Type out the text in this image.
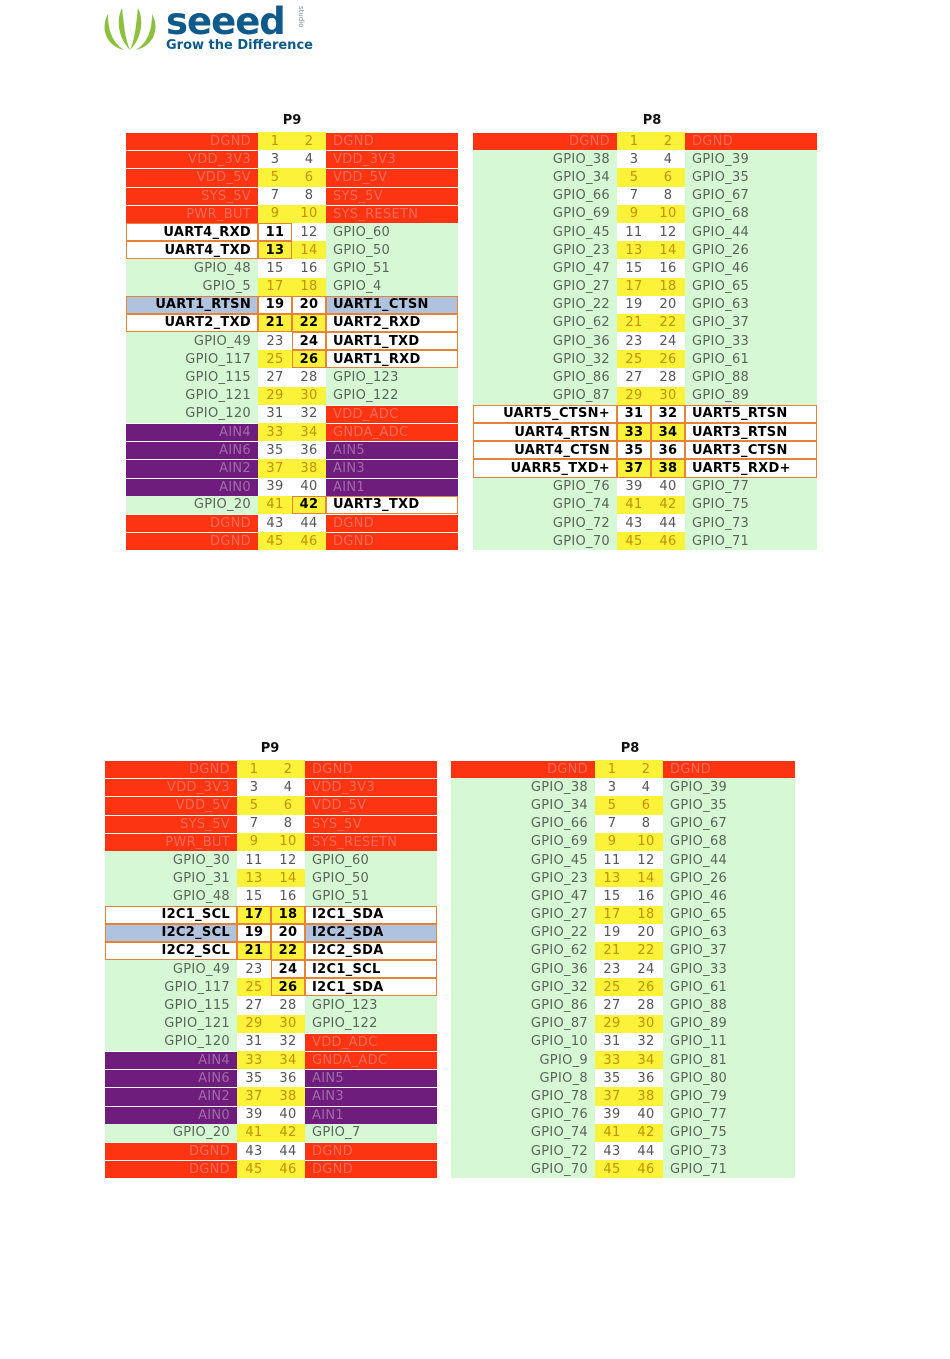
seeed studio
Grow the Difference
P9	P8
DGND	1	2	DGND
VDD_3V3	3	4	VDD_3V3
VDD_5V	5	6	VDD_5V
SYS_5V	7	8	SYS_5V
PWR_BUT	9	10	SYS_RESETN
UART4_RXD	11	12	GPIO_60
UART4_TXD	13	14	GPIO_50
GPIO_48	15	16	GPIO_51
GPIO_5	17	18	GPIO_4
UART1_RTSN	19	20	UART1_CTSN
UART2_TXD	21	22	UART2_RXD
GPIO_49	23	24	UART1_TXD
GPIO_117	25	26	UART1_RXD
GPIO_115	27	28	GPIO_123
GPIO_121	29	30	GPIO_122
GPIO_120	31	32	VDD_ADC
AIN4	33	34	GNDA_ADC
AIN6	35	36	AIN5
AIN2	37	38	AIN3
AIN0	39	40	AIN1
GPIO_20	41	42	UART3_TXD
DGND	43	44	DGND
DGND	45	46	DGND
DGND	1	2	DGND
GPIO_38	3	4	GPIO_39
GPIO_34	5	6	GPIO_35
GPIO_66	7	8	GPIO_67
GPIO_69	9	10	GPIO_68
GPIO_45	11	12	GPIO_44
GPIO_23	13	14	GPIO_26
GPIO_47	15	16	GPIO_46
GPIO_27	17	18	GPIO_65
GPIO_22	19	20	GPIO_63
GPIO_62	21	22	GPIO_37
GPIO_36	23	24	GPIO_33
GPIO_32	25	26	GPIO_61
GPIO_86	27	28	GPIO_88
GPIO_87	29	30	GPIO_89
UART5_CTSN+	31	32	UART5_RTSN
UART4_RTSN	33	34	UART3_RTSN
UART4_CTSN	35	36	UART3_CTSN
UARR5_TXD+	37	38	UART5_RXD+
GPIO_76	39	40	GPIO_77
GPIO_74	41	42	GPIO_75
GPIO_72	43	44	GPIO_73
GPIO_70	45	46	GPIO_71
P9	P8
DGND	1	2	DGND
VDD_3V3	3	4	VDD_3V3
VDD_5V	5	6	VDD_5V
SYS_5V	7	8	SYS_5V
PWR_BUT	9	10	SYS_RESETN
GPIO_30	11	12	GPIO_60
GPIO_31	13	14	GPIO_50
GPIO_48	15	16	GPIO_51
I2C1_SCL	17	18	I2C1_SDA
I2C2_SCL	19	20	I2C2_SDA
I2C2_SCL	21	22	I2C2_SDA
GPIO_49	23	24	I2C1_SCL
GPIO_117	25	26	I2C1_SDA
GPIO_115	27	28	GPIO_123
GPIO_121	29	30	GPIO_122
GPIO_120	31	32	VDD_ADC
AIN4	33	34	GNDA_ADC
AIN6	35	36	AIN5
AIN2	37	38	AIN3
AIN0	39	40	AIN1
GPIO_20	41	42	GPIO_7
DGND	43	44	DGND
DGND	45	46	DGND
DGND	1	2	DGND
GPIO_38	3	4	GPIO_39
GPIO_34	5	6	GPIO_35
GPIO_66	7	8	GPIO_67
GPIO_69	9	10	GPIO_68
GPIO_45	11	12	GPIO_44
GPIO_23	13	14	GPIO_26
GPIO_47	15	16	GPIO_46
GPIO_27	17	18	GPIO_65
GPIO_22	19	20	GPIO_63
GPIO_62	21	22	GPIO_37
GPIO_36	23	24	GPIO_33
GPIO_32	25	26	GPIO_61
GPIO_86	27	28	GPIO_88
GPIO_87	29	30	GPIO_89
GPIO_10	31	32	GPIO_11
GPIO_9	33	34	GPIO_81
GPIO_8	35	36	GPIO_80
GPIO_78	37	38	GPIO_79
GPIO_76	39	40	GPIO_77
GPIO_74	41	42	GPIO_75
GPIO_72	43	44	GPIO_73
GPIO_70	45	46	GPIO_71
